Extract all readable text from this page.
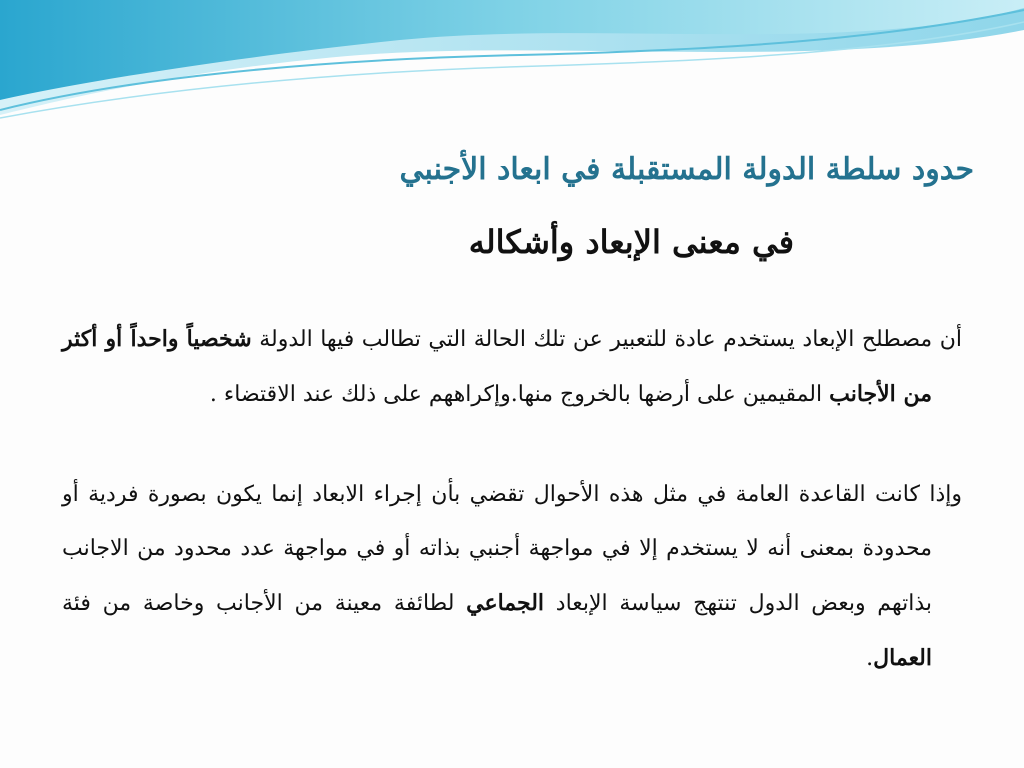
حدود سلطة الدولة المستقبلة في ابعاد الأجنبي
في معنى الإبعاد وأشكاله

أن مصطلح الإبعاد يستخدم عادة للتعبير عن تلك الحالة التي تطالب فيها الدولة شخصياً واحداً أو أكثر من الأجانب المقيمين على أرضها بالخروج منها.وإكراههم على ذلك عند الاقتضاء .

وإذا كانت القاعدة العامة في مثل هذه الأحوال تقضي بأن إجراء الابعاد إنما يكون بصورة فردية أو محدودة بمعنى أنه لا يستخدم إلا في مواجهة أجنبي بذاته أو في مواجهة عدد محدود من الاجانب بذاتهم وبعض الدول تنتهج سياسة الإبعاد الجماعي لطائفة معينة من الأجانب وخاصة من فئة العمال.
